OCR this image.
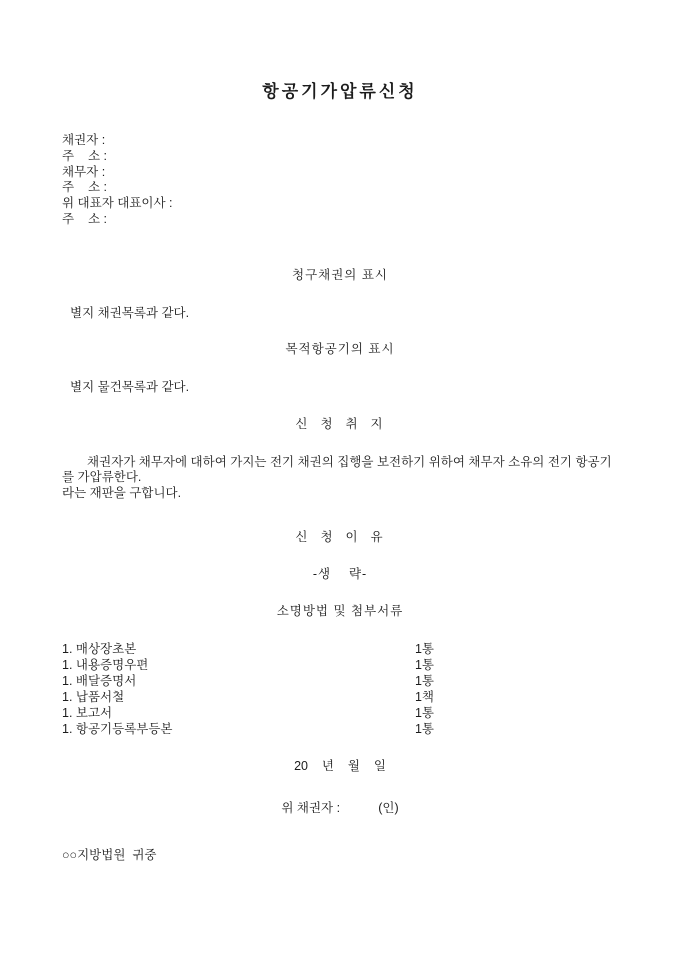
항공기가압류신청
채권자 :
주    소 :
채무자 :
주    소 :
위 대표자 대표이사 :
주    소 :
청구채권의 표시
별지 채권목록과 같다.
목적항공기의 표시
별지 물건목록과 같다.
신  청  취  지

채권자가 채무자에 대하여 가지는 전기 채권의 집행을 보전하기 위하여 채무자 소유의 전기 항공기를 가압류한다.

라는 재판을 구합니다.
신  청  이  유
-생    략-
소명방법 및 첨부서류
1. 매상장초본	1통
1. 내용증명우편	1통
1. 배달증명서	1통
1. 납품서철	1책
1. 보고서	1통
1. 항공기등록부등본	1통
20    년    월    일
위 채권자 :           (인)
○○지방법원  귀중
